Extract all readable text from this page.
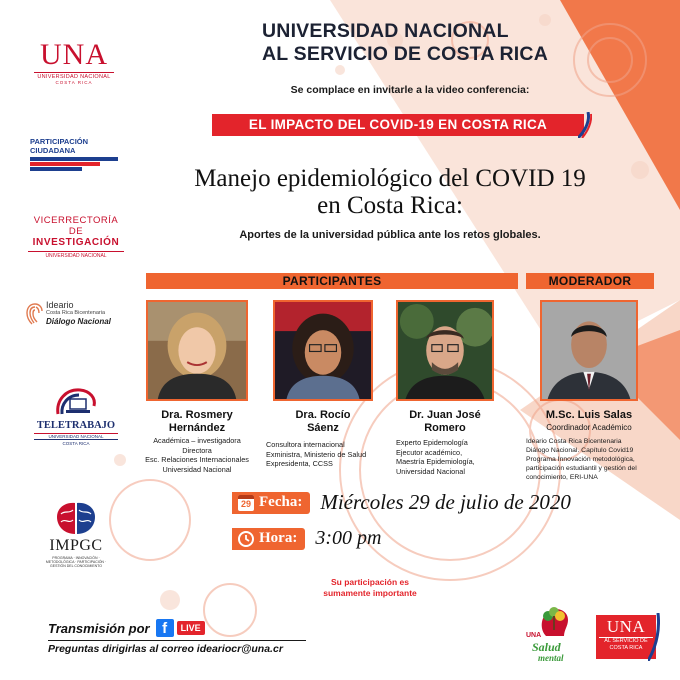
UNA
UNIVERSIDAD NACIONAL
COSTA RICA
PARTICIPACIÓN
CIUDADANA
VICERRECTORÍA DE
INVESTIGACIÓN
UNIVERSIDAD NACIONAL
Ideario
Costa Rica Bicentenaria
Diálogo Nacional
TELETRABAJO
UNIVERSIDAD NACIONAL
COSTA RICA
IMPGC
PROGRAMA · INNOVACIÓN · METODOLÓGICA · PARTICIPACIÓN · GESTIÓN DEL CONOCIMIENTO
UNIVERSIDAD NACIONAL
AL SERVICIO DE COSTA RICA
Se complace en invitarle a la video conferencia:
EL IMPACTO DEL COVID-19 EN COSTA RICA
Manejo epidemiológico del COVID 19
en Costa Rica:
Aportes de la universidad pública ante los retos globales.
PARTICIPANTES	MODERADOR
Dra. Rosmery
Hernández
Dra. Rocío
Sáenz
Dr. Juan José
Romero
M.Sc. Luis Salas
Coordinador Académico
Académica – investigadora
Directora
Esc. Relaciones Internacionales
Universidad Nacional
Consultora internacional
Exministra, Ministerio de Salud
Expresidenta, CCSS
Experto Epidemología
Ejecutor académico,
Maestría Epidemiología,
Universidad Nacional
Ideario Costa Rica Bicentenaria
Diálogo Nacional. Capítulo Covid19
Programa Innovación metodológica,
participación estudiantil y gestión del
conocimiento, ERI-UNA
29 Fecha: Miércoles 29 de julio de 2020
Hora: 3:00 pm
Su participación es
sumamente importante
Transmisión por f	LIVE
Preguntas dirigirlas al correo ideariocr@una.cr
UNA
Salud
mental
UNA
AL SERVICIO DE
COSTA RICA
